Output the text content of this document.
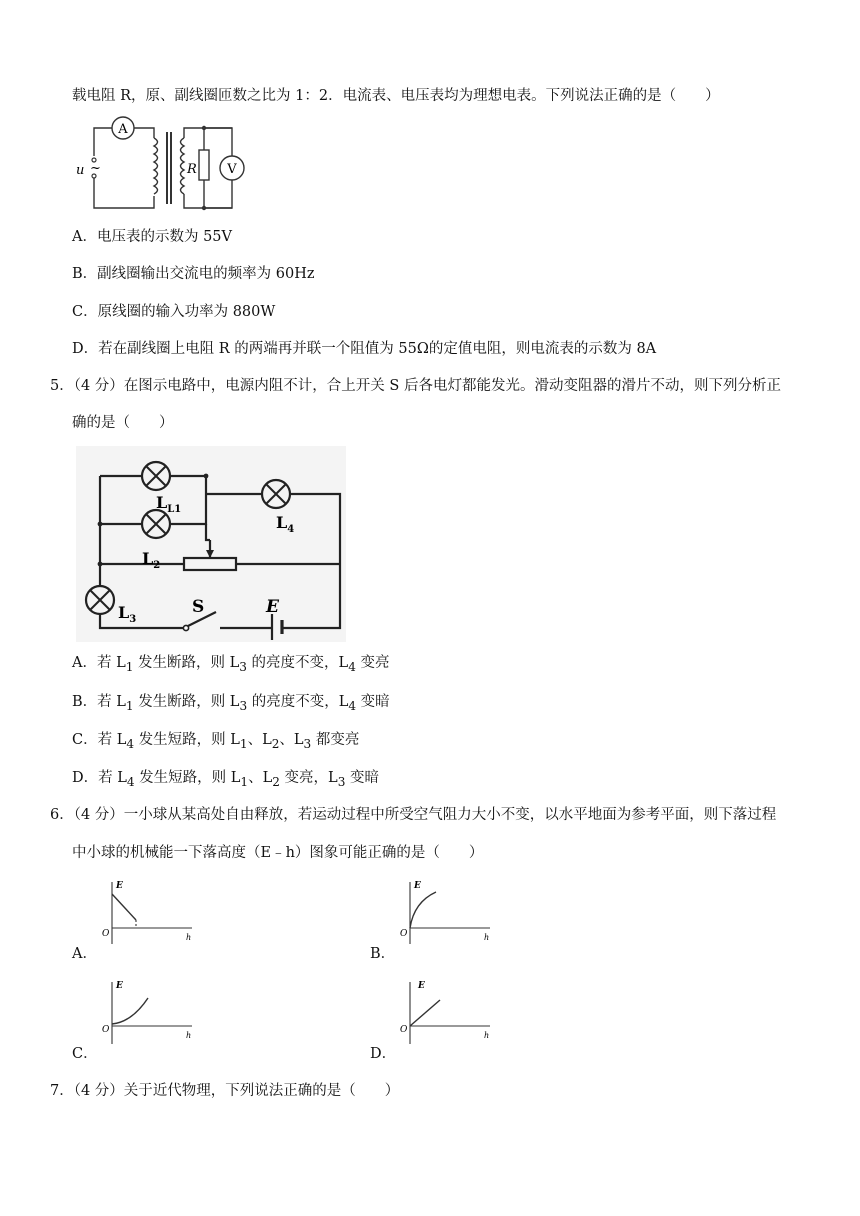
载电阻 R，原、副线圈匝数之比为 1：2．电流表、电压表均为理想电表。下列说法正确的是（　　）
A
V
R
u ~
A．电压表的示数为 55V
B．副线圈输出交流电的频率为 60Hz
C．原线圈的输入功率为 880W
D．若在副线圈上电阻 R 的两端再并联一个阻值为 55Ω的定值电阻，则电流表的示数为 8A
5．（4 分）在图示电路中，电源内阻不计，合上开关 S 后各电灯都能发光。滑动变阻器的滑片不动，则下列分析正
确的是（　　）
$L_{L1}$
$L_2$
$L_4$
$L_3$
S	E
A．若 $L_1$ 发生断路，则 $L_3$ 的亮度不变，$L_4$ 变亮
B．若 $L_1$ 发生断路，则 $L_3$ 的亮度不变，$L_4$ 变暗
C．若 $L_4$ 发生短路，则 $L_1$、$L_2$、$L_3$ 都变亮
D．若 $L_4$ 发生短路，则 $L_1$、$L_2$ 变亮，$L_3$ 变暗
6．（4 分）一小球从某高处自由释放，若运动过程中所受空气阻力大小不变，以水平地面为参考平面，则下落过程
中小球的机械能一下落高度（E﹣h）图象可能正确的是（　　）
E
O	h
A．
E
O	h
B．
E
O
h
C．
E
O
h
D．
7．（4 分）关于近代物理，下列说法正确的是（　　）
